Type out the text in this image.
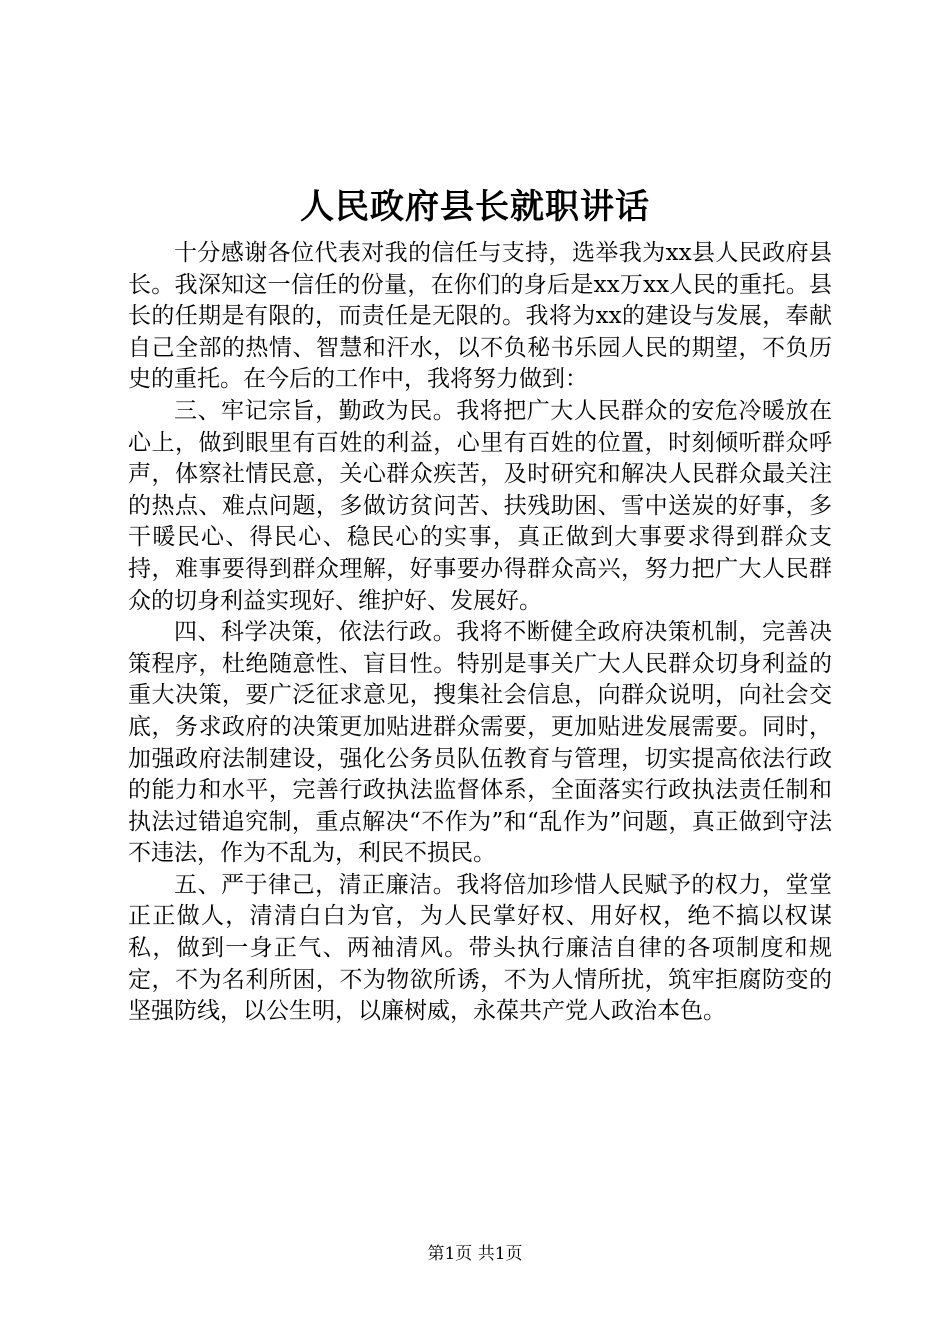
人民政府县长就职讲话

十分感谢各位代表对我的信任与支持，选举我为xx县人民政府县长。我深知这一信任的份量，在你们的身后是xx万xx人民的重托。县长的任期是有限的，而责任是无限的。我将为xx的建设与发展，奉献自己全部的热情、智慧和汗水，以不负秘书乐园人民的期望，不负历史的重托。在今后的工作中，我将努力做到：

三、牢记宗旨，勤政为民。我将把广大人民群众的安危冷暖放在心上，做到眼里有百姓的利益，心里有百姓的位置，时刻倾听群众呼声，体察社情民意，关心群众疾苦，及时研究和解决人民群众最关注的热点、难点问题，多做访贫问苦、扶残助困、雪中送炭的好事，多干暖民心、得民心、稳民心的实事，真正做到大事要求得到群众支持，难事要得到群众理解，好事要办得群众高兴，努力把广大人民群众的切身利益实现好、维护好、发展好。

四、科学决策，依法行政。我将不断健全政府决策机制，完善决策程序，杜绝随意性、盲目性。特别是事关广大人民群众切身利益的重大决策，要广泛征求意见，搜集社会信息，向群众说明，向社会交底，务求政府的决策更加贴进群众需要，更加贴进发展需要。同时，加强政府法制建设，强化公务员队伍教育与管理，切实提高依法行政的能力和水平，完善行政执法监督体系，全面落实行政执法责任制和执法过错追究制，重点解决“不作为”和“乱作为”问题，真正做到守法不违法，作为不乱为，利民不损民。

五、严于律己，清正廉洁。我将倍加珍惜人民赋予的权力，堂堂正正做人，清清白白为官，为人民掌好权、用好权，绝不搞以权谋私，做到一身正气、两袖清风。带头执行廉洁自律的各项制度和规定，不为名利所困，不为物欲所诱，不为人情所扰，筑牢拒腐防变的坚强防线，以公生明，以廉树威，永葆共产党人政治本色。

第1页 共1页
